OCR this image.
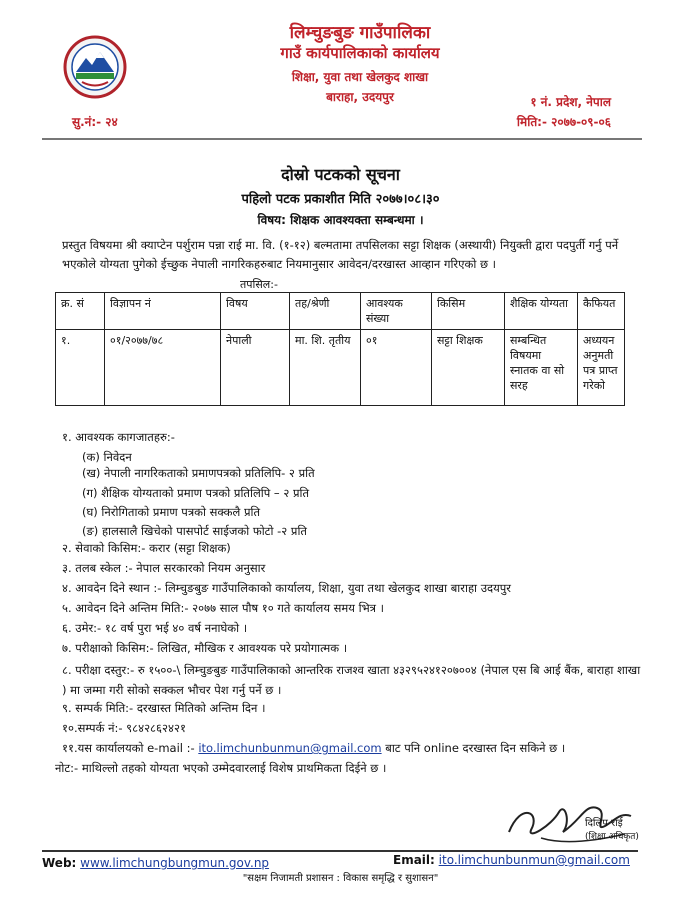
लिम्चुङबुङ गाउँपालिका
गाउँ कार्यपालिकाको कार्यालय
शिक्षा, युवा तथा खेलकुद शाखा
बाराहा, उदयपुर
सु.नं:- २४
१ नं. प्रदेश, नेपाल
मिति:- २०७७-०९-०६
दोस्रो पटकको सूचना
पहिलो पटक प्रकाशीत मिति २०७७।०८।३०
विषय: शिक्षक आवश्यक्ता सम्बन्धमा ।
प्रस्तुत विषयमा श्री क्याप्टेन पर्शुराम पन्ना राई मा. वि. (१-१२) बल्मतामा तपसिलका सट्टा शिक्षक (अस्थायी) नियुक्ती द्वारा पदपुर्ती गर्नु पर्ने भएकोले योग्यता पुगेको ईच्छुक नेपाली नागरिकहरुबाट नियमानुसार आवेदन/दरखास्त आव्हान गरिएको छ ।
तपसिल:-
क्र. सं	विज्ञापन नं	विषय	तह/श्रेणी	आवश्यक संख्या	किसिम	शैक्षिक योग्यता	कैफियत
१.	०१/२०७७/७८	नेपाली	मा. शि. तृतीय	०१	सट्टा शिक्षक	सम्बन्धित विषयमा स्नातक वा सो सरह	अध्ययन अनुमती पत्र प्राप्त गरेको
१. आवश्यक कागजातहरु:-
(क) निवेदन
(ख) नेपाली नागरिकताको प्रमाणपत्रको प्रतिलिपि- २ प्रति
(ग) शैक्षिक योग्यताको प्रमाण पत्रको प्रतिलिपि – २ प्रति
(घ) निरोगिताको प्रमाण पत्रको सक्कलै प्रति
(ङ) हालसालै खिचेको पासपोर्ट साईजको फोटो -२ प्रति
२. सेवाको किसिम:- करार (सट्टा शिक्षक)
३. तलब स्केल :- नेपाल सरकारको नियम अनुसार
४. आवदेन दिने स्थान :- लिम्चुङबुङ गाउँपालिकाको कार्यालय, शिक्षा, युवा तथा खेलकुद शाखा बाराहा उदयपुर
५. आवेदन दिने अन्तिम मिति:- २०७७ साल पौष १० गते कार्यालय समय भित्र ।
६. उमेर:- १८ वर्ष पुरा भई ४० वर्ष ननाघेको ।
७. परीक्षाको किसिम:- लिखित, मौखिक र आवश्यक परे प्रयोगात्मक ।
८. परीक्षा दस्तुर:- रु १५००-\ लिम्चुङबुङ गाउँपालिकाको आन्तरिक राजश्व खाता ४३२९५२४१२०७००४ (नेपाल एस बि आई बैंक, बाराहा शाखा ) मा जम्मा गरी सोको सक्कल भौचर पेश गर्नु पर्ने छ ।
९. सम्पर्क मिति:- दरखास्त मितिको अन्तिम दिन ।
१०.सम्पर्क नं:- ९८४२८६२४२१
११.यस कार्यालयको e-mail :- ito.limchunbunmun@gmail.com बाट पनि online दरखास्त दिन सकिने छ ।
नोट:- माथिल्लो तहको योग्यता भएको उम्मेदवारलाई विशेष प्राथमिकता दिईने छ ।
दिलिप राई
(शिक्षा अधिकृत)
Web: www.limchungbungmun.gov.np	Email: ito.limchunbunmun@gmail.com
"सक्षम निजामती प्रशासन : विकास समृद्धि र सुशासन"
